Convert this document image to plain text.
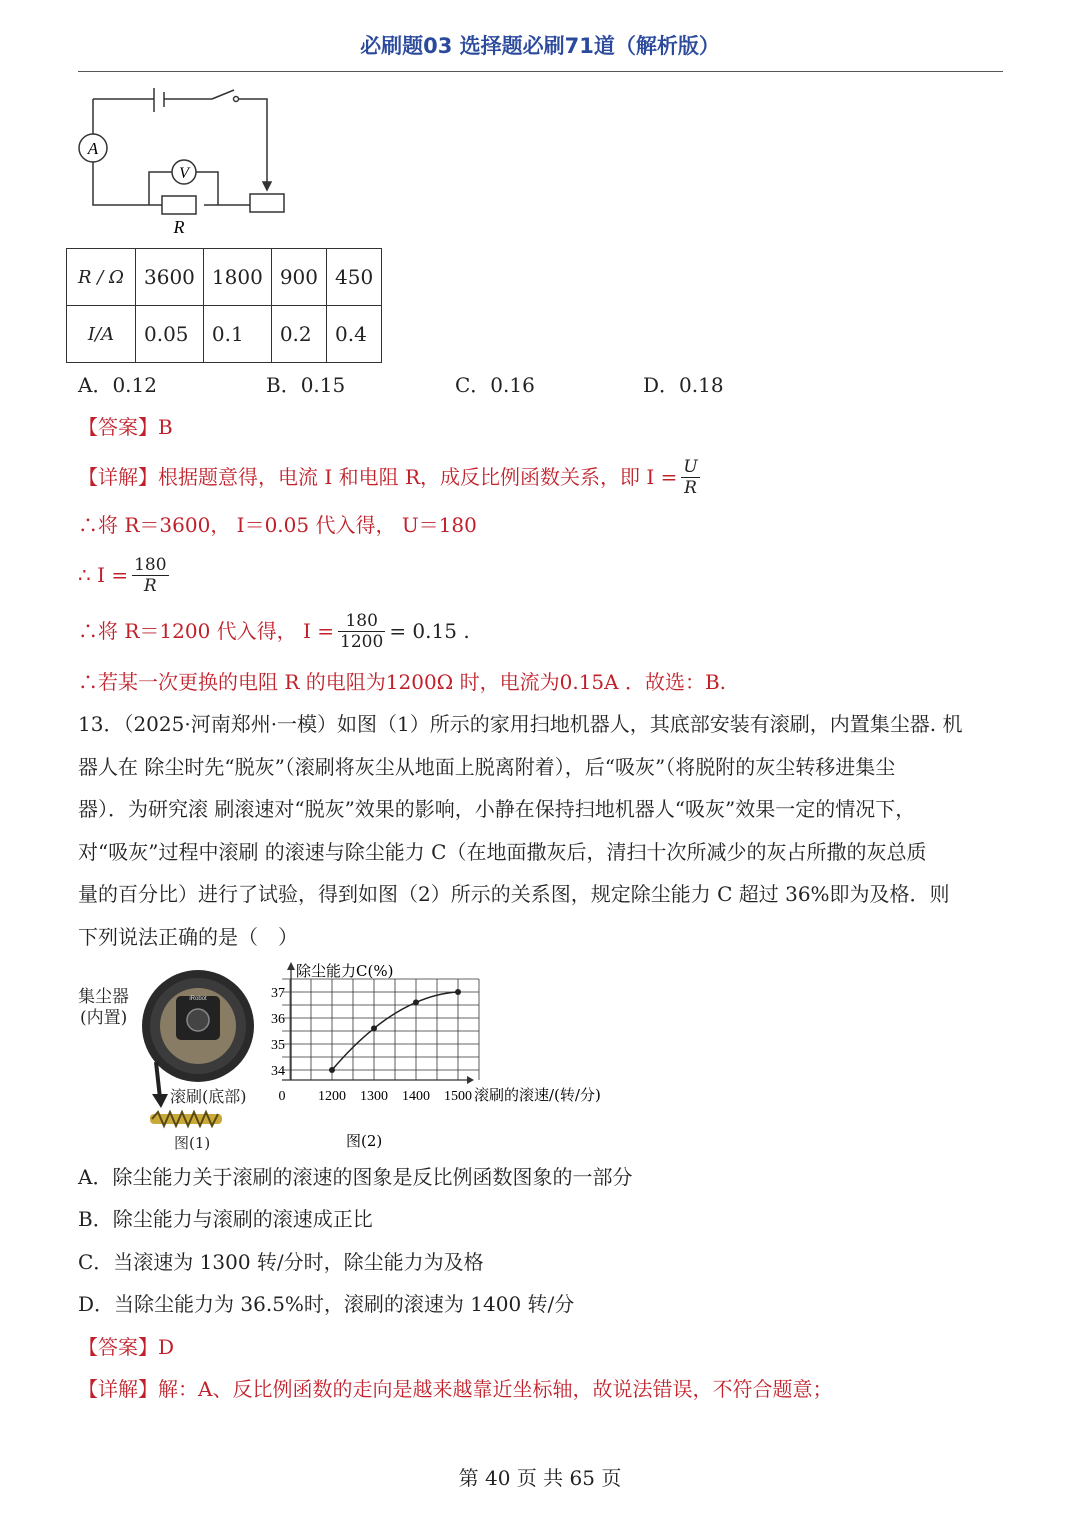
必刷题03 选择题必刷71道（解析版）
A
V
R
R / Ω	3600	1800	900	450
I/A	0.05	0.1	0.2	0.4
A．0.12	B．0.15	C．0.16	D．0.18
【答案】B
【详解】根据题意得，电流 I 和电阻 R，成反比例函数关系，即 $I = \frac{U}{R}$
∴将 R＝3600， I＝0.05 代入得， U＝180
∴ $I = \frac{180}{R}$
∴将 R＝1200 代入得， $I = \frac{180}{1200} = 0.15$ .
∴若某一次更换的电阻 R 的电阻为1200Ω 时，电流为0.15A ．故选：B.
13．（2025·河南郑州·一模）如图（1）所示的家用扫地机器人，其底部安装有滚刷，内置集尘器. 机
器人在 除尘时先“脱灰”（滚刷将灰尘从地面上脱离附着），后“吸灰”（将脱附的灰尘转移进集尘
器）．为研究滚 刷滚速对“脱灰”效果的影响，小静在保持扫地机器人“吸灰”效果一定的情况下，
对“吸灰”过程中滚刷 的滚速与除尘能力 C（在地面撒灰后，清扫十次所减少的灰占所撒的灰总质
量的百分比）进行了试验，得到如图（2）所示的关系图，规定除尘能力 C 超过 36%即为及格．则
下列说法正确的是（　）
集尘器
(内置)
iRobot
滚刷(底部)
图(1)
34
35
36
37
0 1200 1300 1400 1500
除尘能力C(%)
滚刷的滚速/(转/分)
图(2)
A．除尘能力关于滚刷的滚速的图象是反比例函数图象的一部分
B．除尘能力与滚刷的滚速成正比
C．当滚速为 1300 转/分时，除尘能力为及格
D．当除尘能力为 36.5%时，滚刷的滚速为 1400 转/分
【答案】D
【详解】解：A、反比例函数的走向是越来越靠近坐标轴，故说法错误，不符合题意；
第 40 页 共 65 页
